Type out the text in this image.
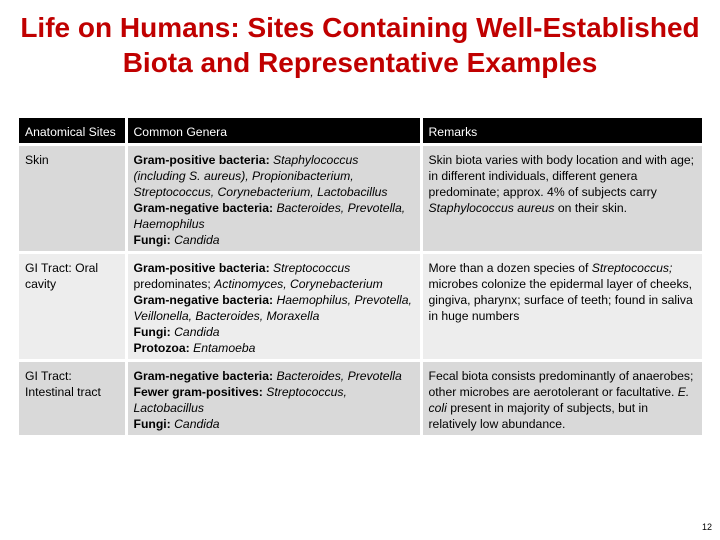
Life on Humans: Sites Containing Well-Established
Biota and Representative Examples
Anatomical Sites	Common Genera	Remarks
Skin	Gram-positive bacteria: Staphylococcus (including S. aureus), Propionibacterium, Streptococcus, Corynebacterium, Lactobacillus
Gram-negative bacteria: Bacteroides, Prevotella, Haemophilus
Fungi: Candida	Skin biota varies with body location and with age; in different individuals, different genera predominate; approx. 4% of subjects carry Staphylococcus aureus on their skin.
GI Tract: Oral cavity	Gram-positive bacteria: Streptococcus predominates; Actinomyces, Corynebacterium
Gram-negative bacteria: Haemophilus, Prevotella, Veillonella, Bacteroides, Moraxella
Fungi: Candida
Protozoa: Entamoeba	More than a dozen species of Streptococcus; microbes colonize the epidermal layer of cheeks, gingiva, pharynx; surface of teeth; found in saliva in huge numbers
GI Tract: Intestinal tract	Gram-negative bacteria: Bacteroides, Prevotella
Fewer gram-positives: Streptococcus, Lactobacillus
Fungi: Candida	Fecal biota consists predominantly of anaerobes; other microbes are aerotolerant or facultative. E. coli present in majority of subjects, but in relatively low abundance.
12
